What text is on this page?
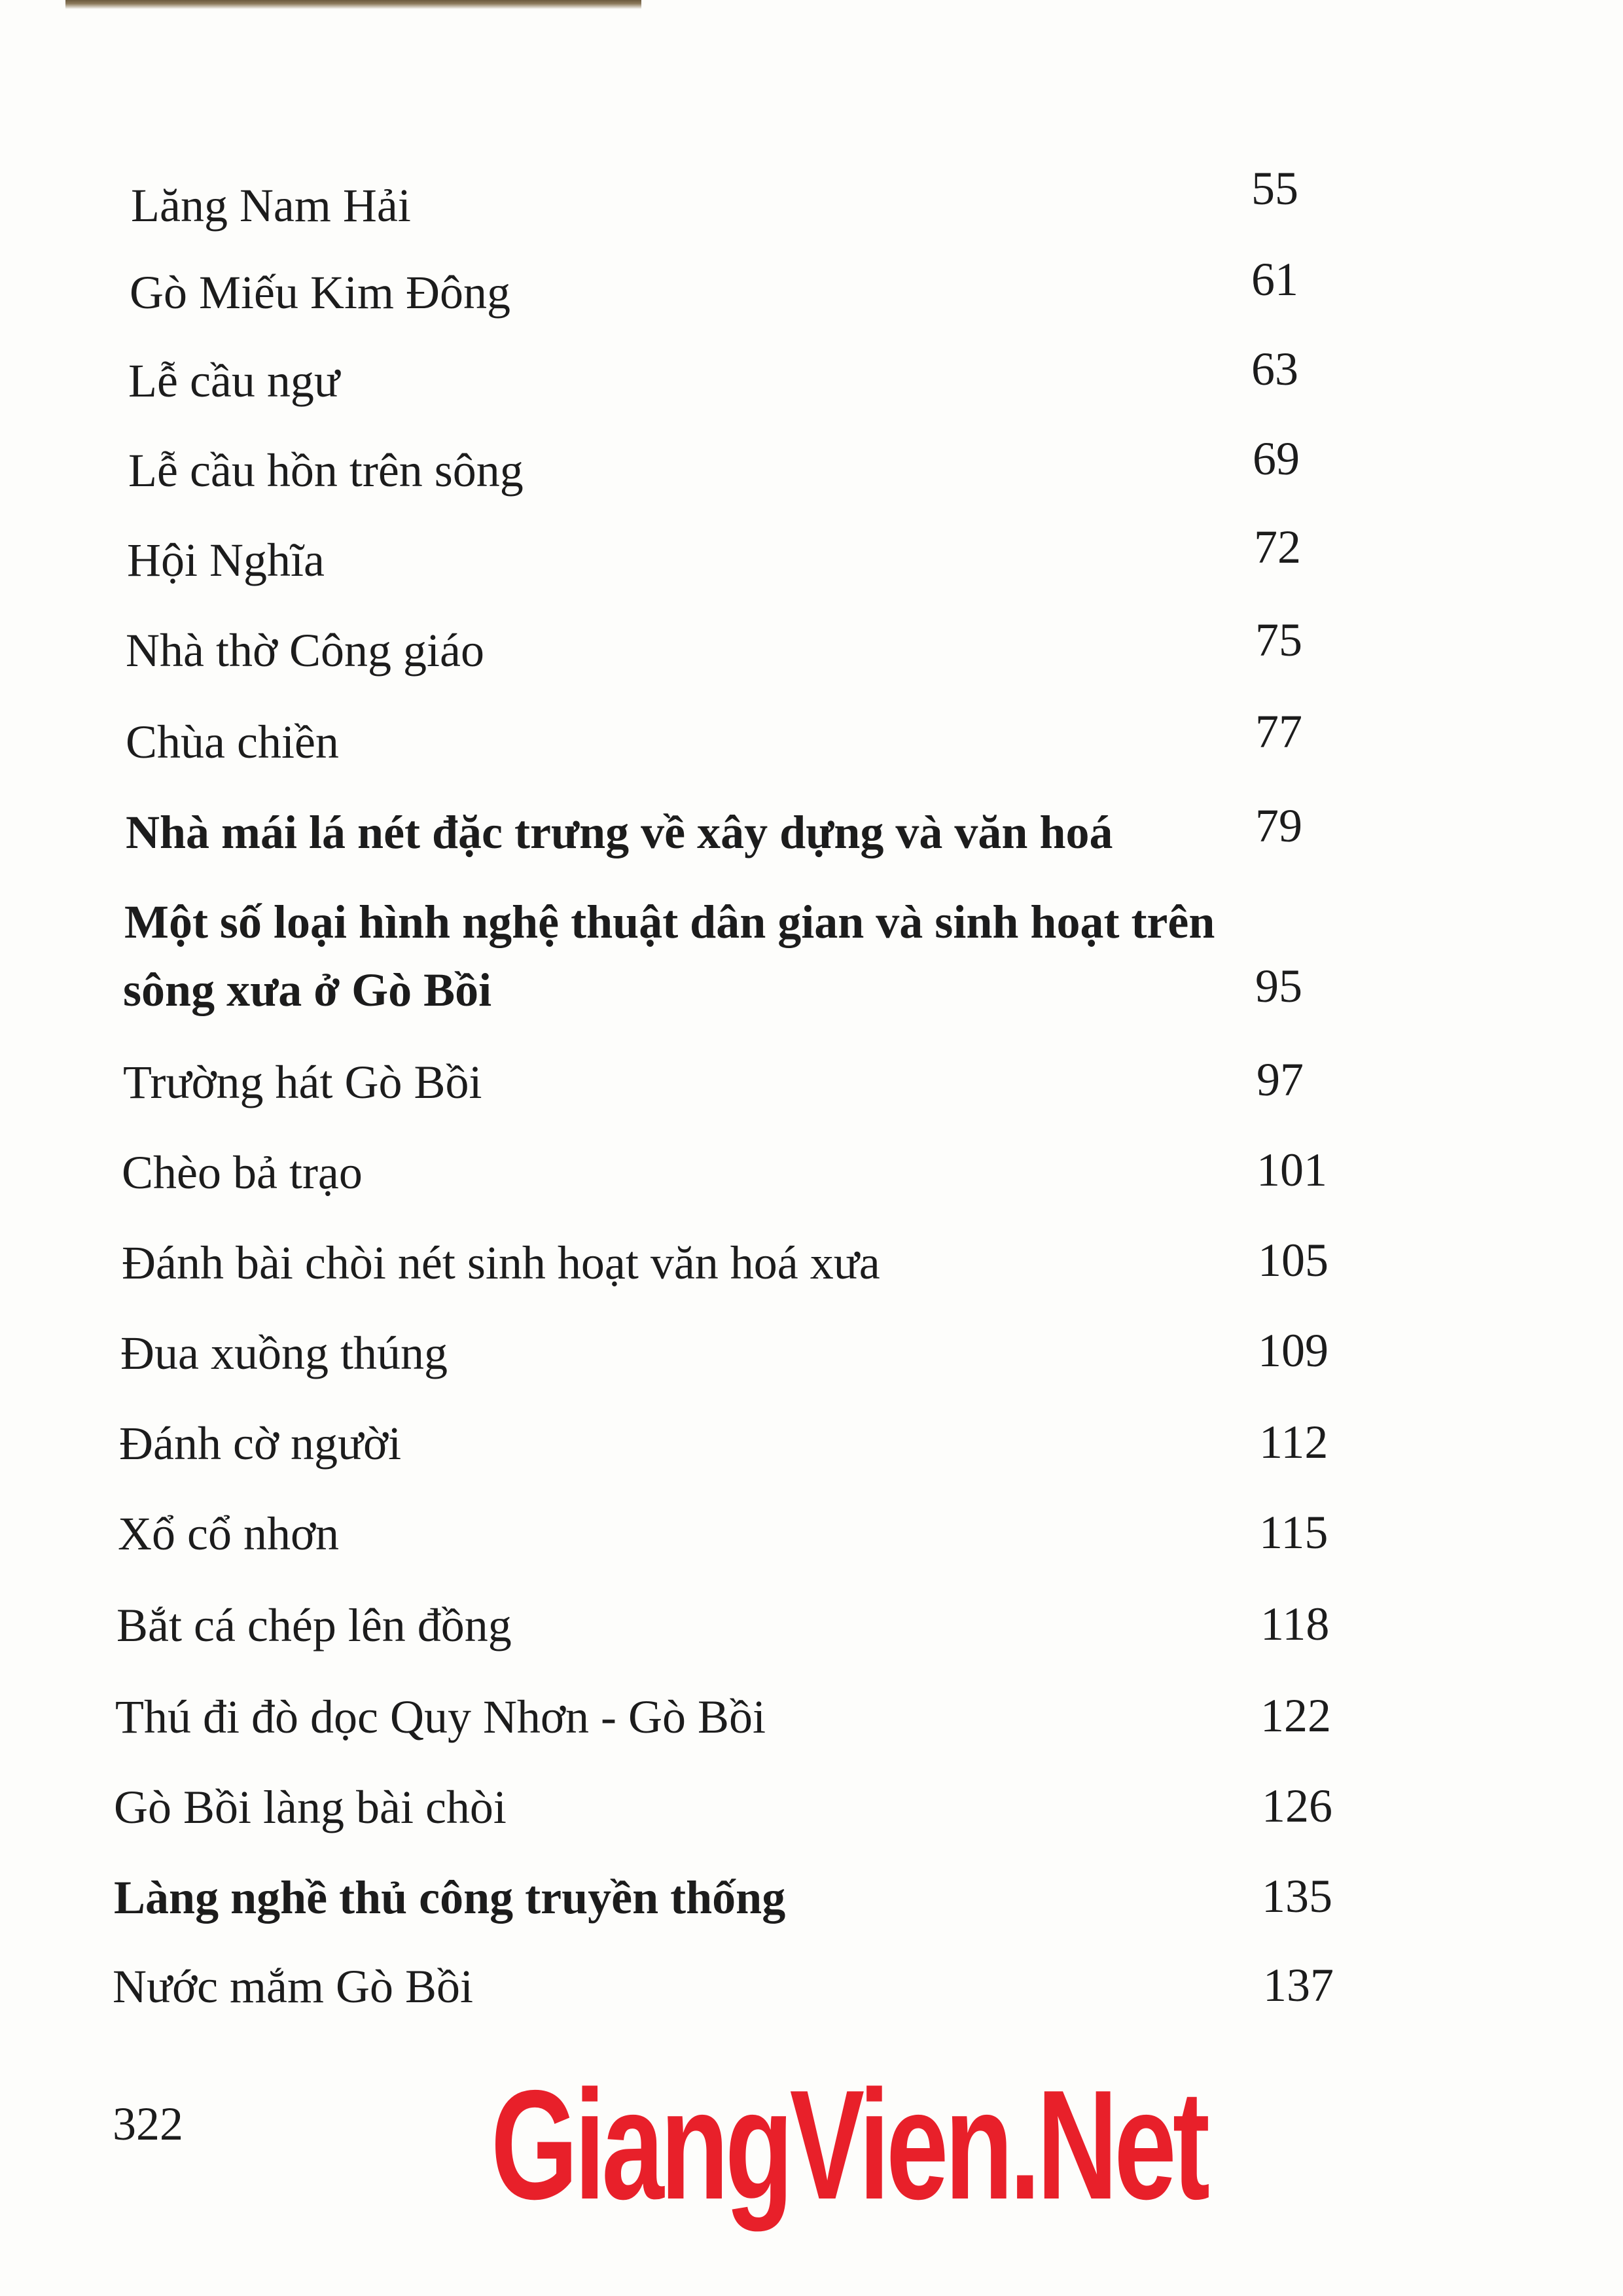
Lăng Nam Hải	55
Gò Miếu Kim Đông	61
Lễ cầu ngư	63
Lễ cầu hồn trên sông	69
Hội Nghĩa	72
Nhà thờ Công giáo	75
Chùa chiền	77
Nhà mái lá nét đặc trưng về xây dựng và văn hoá	79
Một số loại hình nghệ thuật dân gian và sinh hoạt trên
sông xưa ở Gò Bồi	95
Trường hát Gò Bồi	97
Chèo bả trạo	101
Đánh bài chòi nét sinh hoạt văn hoá xưa	105
Đua xuồng thúng	109
Đánh cờ người	112
Xổ cổ nhơn	115
Bắt cá chép lên đồng	118
Thú đi đò dọc Quy Nhơn - Gò Bồi	122
Gò Bồi làng bài chòi	126
Làng nghề thủ công truyền thống	135
Nước mắm Gò Bồi	137
322 GiangVien.Net
